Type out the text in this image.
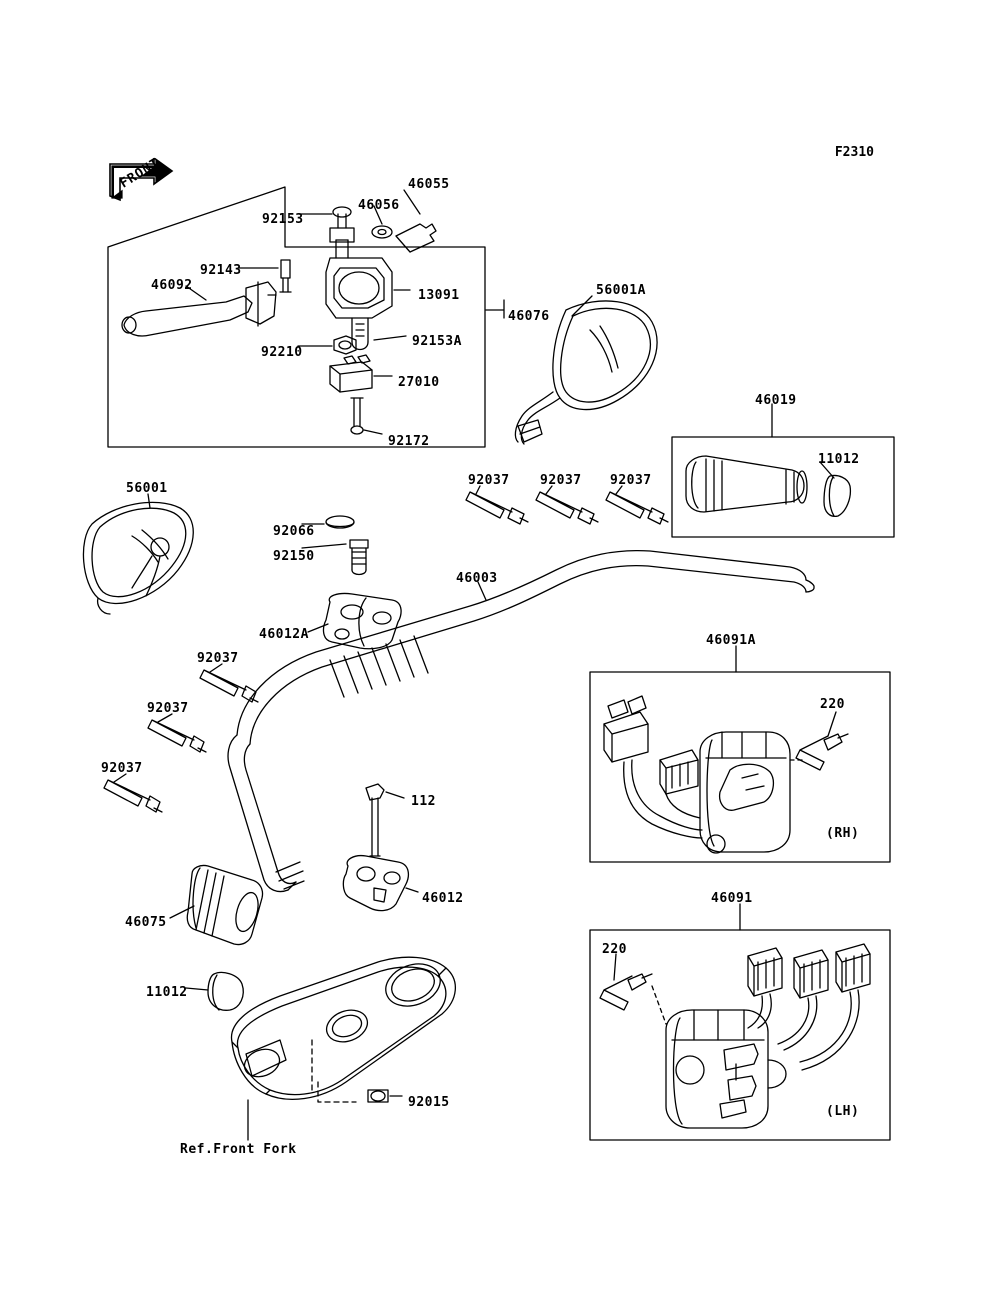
F2310
FRONT	46055
46056
92153
92143
46092
13091
46076
56001A
92153A
92210
27010
92172
46019
11012
92037 92037 92037
56001
92066
92150
46003
46012A	46091A
92037
92037	220
92037
112
46012	46091
46075
220
11012
92015
Ref.Front Fork
(RH)
(LH)
